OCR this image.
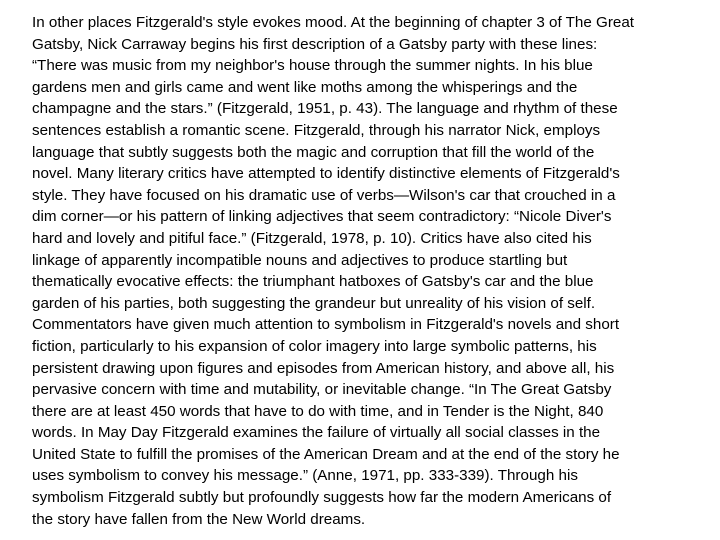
In other places Fitzgerald's style evokes mood. At the beginning of chapter 3 of The Great
Gatsby, Nick Carraway begins his first description of a Gatsby party with these lines:
“There was music from my neighbor's house through the summer nights. In his blue
gardens men and girls came and went like moths among the whisperings and the
champagne and the stars.” (Fitzgerald, 1951, p. 43). The language and rhythm of these
sentences establish a romantic scene. Fitzgerald, through his narrator Nick, employs
language that subtly suggests both the magic and corruption that fill the world of the
novel. Many literary critics have attempted to identify distinctive elements of Fitzgerald's
style. They have focused on his dramatic use of verbs—Wilson's car that crouched in a
dim corner—or his pattern of linking adjectives that seem contradictory: “Nicole Diver's
hard and lovely and pitiful face.” (Fitzgerald, 1978, p. 10). Critics have also cited his
linkage of apparently incompatible nouns and adjectives to produce startling but
thematically evocative effects: the triumphant hatboxes of Gatsby's car and the blue
garden of his parties, both suggesting the grandeur but unreality of his vision of self.
Commentators have given much attention to symbolism in Fitzgerald's novels and short
fiction, particularly to his expansion of color imagery into large symbolic patterns, his
persistent drawing upon figures and episodes from American history, and above all, his
pervasive concern with time and mutability, or inevitable change. “In The Great Gatsby
there are at least 450 words that have to do with time, and in Tender is the Night, 840
words. In May Day Fitzgerald examines the failure of virtually all social classes in the
United State to fulfill the promises of the American Dream and at the end of the story he
uses symbolism to convey his message.” (Anne, 1971, pp. 333-339). Through his
symbolism Fitzgerald subtly but profoundly suggests how far the modern Americans of
the story have fallen from the New World dreams.
